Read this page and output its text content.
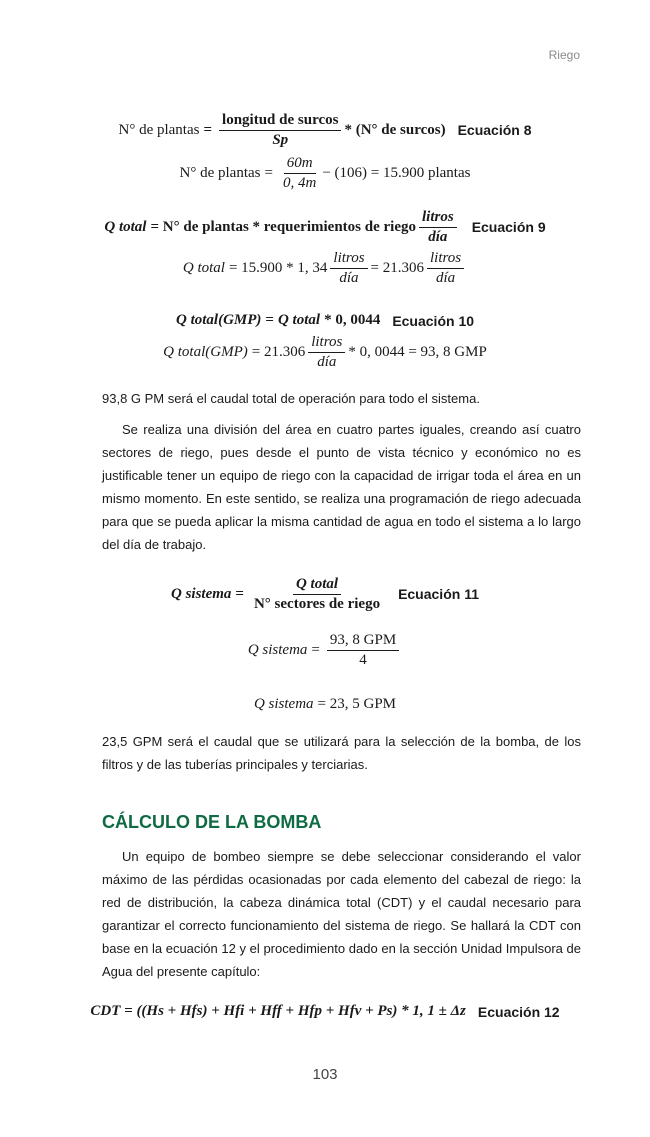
Riego
N° de plantas = $\frac{\text{longitud de surcos}}{Sp} * (N^\circ$ de surcos) Ecuación 8
N° de plantas = $\frac{60m}{0, 4m} - (106) = 15.900$ plantas
Q total = N° de plantas * requerimientos de riego $\frac{\text{litros}}{\text{día}}$ Ecuación 9
Q total = 15.900 * 1, $34 \frac{\text{litros}}{\text{día}} = 21.306 \frac{\text{litros}}{\text{día}}$
Q total(GMP) = Q total * 0, 0044 Ecuación 10
Q total(GMP) = $21.306 \frac{\text{litros}}{\text{día}} * 0$, 0044 = 93, 8 GMP

93,8 G PM será el caudal total de operación para todo el sistema.

Se realiza una división del área en cuatro partes iguales, creando así cuatro sectores de riego, pues desde el punto de vista técnico y económico no es justificable tener un equipo de riego con la capacidad de irrigar toda el área en un mismo momento. En este sentido, se realiza una programación de riego adecuada para que se pueda aplicar la misma cantidad de agua en todo el sistema a lo largo del día de trabajo.

Q sistema = $\frac{\text{Q total}}{\text{N° sectores de riego}}$ Ecuación 11
Q sistema = $\frac{\text{93, 8 GPM}}{4}$
Q sistema = 23, 5 GPM

23,5 GPM será el caudal que se utilizará para la selección de la bomba, de los filtros y de las tuberías principales y terciarias.

CÁLCULO DE LA BOMBA

Un equipo de bombeo siempre se debe seleccionar considerando el valor máximo de las pérdidas ocasionadas por cada elemento del cabezal de riego: la red de distribución, la cabeza dinámica total (CDT) y el caudal necesario para garantizar el correcto funcionamiento del sistema de riego. Se hallará la CDT con base en la ecuación 12 y el procedimiento dado en la sección Unidad Impulsora de Agua del presente capítulo:

CDT = ((Hs + Hfs) + Hfi + Hff + Hfp + Hfv + Ps) * 1, 1 ± Δz Ecuación 12
103
